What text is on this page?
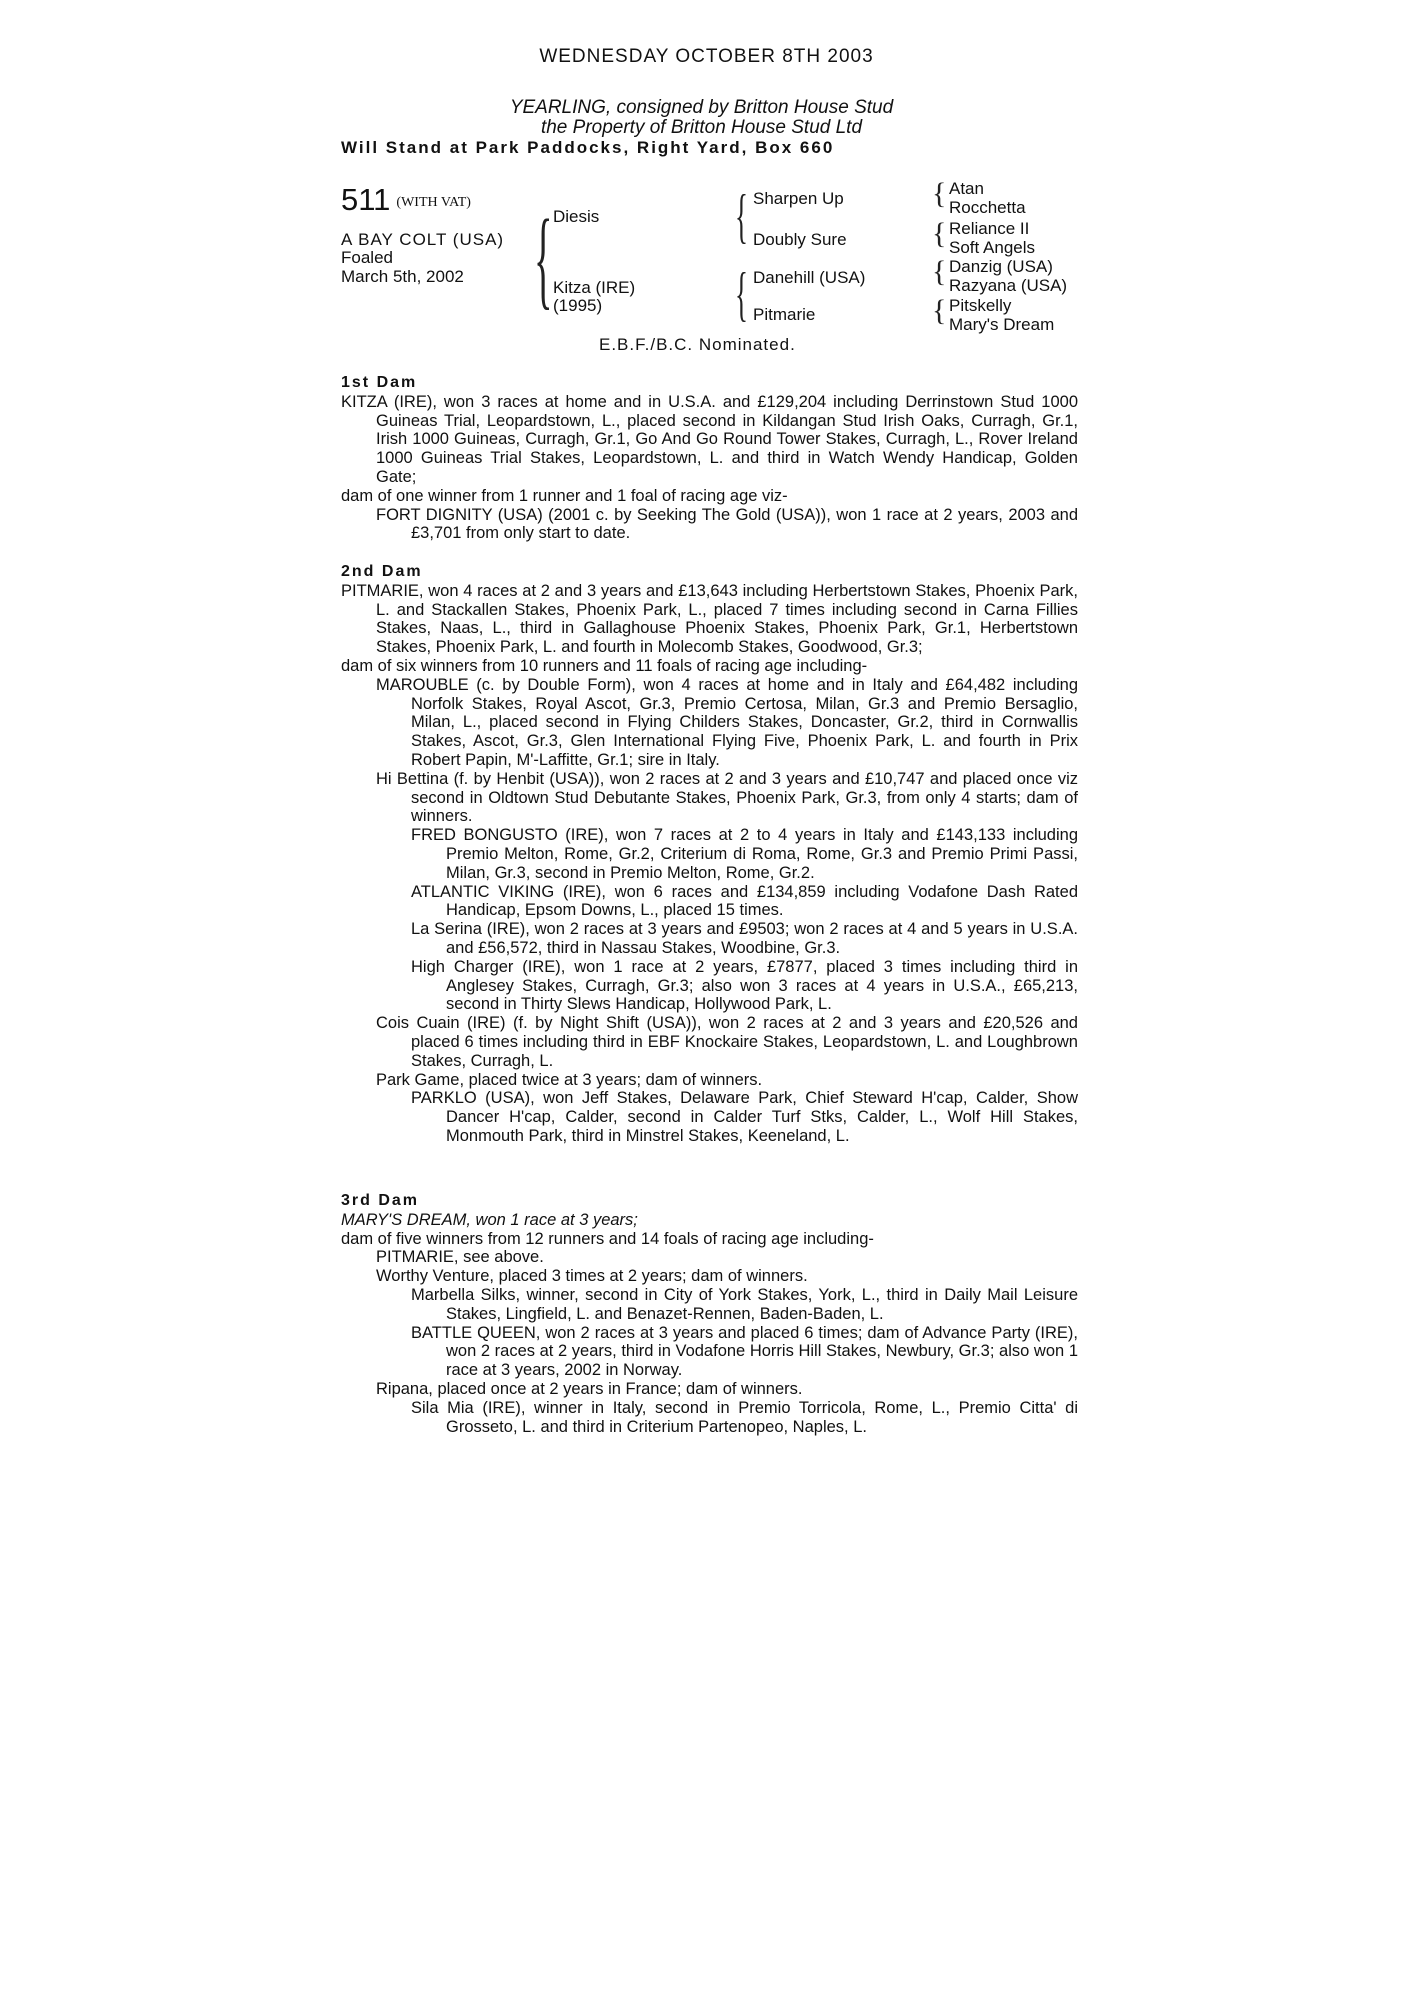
WEDNESDAY OCTOBER 8TH 2003
YEARLING, consigned by Britton House Stud
the Property of Britton House Stud Ltd
Will Stand at Park Paddocks, Right Yard, Box 660
511 (WITH VAT)
A BAY COLT (USA)
Foaled
March 5th, 2002 { Diesis
Kitza (IRE)
(1995)
{ Sharpen Up
Doubly Sure
{ Danehill (USA)
Pitmarie
{ Atan
Rocchetta
{ Reliance II
Soft Angels
{ Danzig (USA)
Razyana (USA)
{ Pitskelly
Mary's Dream
E.B.F./B.C. Nominated.
1st Dam
KITZA (IRE), won 3 races at home and in U.S.A. and £129,204 including Derrinstown Stud 1000 Guineas Trial, Leopardstown, L., placed second in Kildangan Stud Irish Oaks, Curragh, Gr.1, Irish 1000 Guineas, Curragh, Gr.1, Go And Go Round Tower Stakes, Curragh, L., Rover Ireland 1000 Guineas Trial Stakes, Leopardstown, L. and third in Watch Wendy Handicap, Golden Gate;
dam of one winner from 1 runner and 1 foal of racing age viz-
FORT DIGNITY (USA) (2001 c. by Seeking The Gold (USA)), won 1 race at 2 years, 2003 and £3,701 from only start to date.
2nd Dam
PITMARIE, won 4 races at 2 and 3 years and £13,643 including Herbertstown Stakes, Phoenix Park, L. and Stackallen Stakes, Phoenix Park, L., placed 7 times including second in Carna Fillies Stakes, Naas, L., third in Gallaghouse Phoenix Stakes, Phoenix Park, Gr.1, Herbertstown Stakes, Phoenix Park, L. and fourth in Molecomb Stakes, Goodwood, Gr.3;
dam of six winners from 10 runners and 11 foals of racing age including-
MAROUBLE (c. by Double Form), won 4 races at home and in Italy and £64,482 including Norfolk Stakes, Royal Ascot, Gr.3, Premio Certosa, Milan, Gr.3 and Premio Bersaglio, Milan, L., placed second in Flying Childers Stakes, Doncaster, Gr.2, third in Cornwallis Stakes, Ascot, Gr.3, Glen International Flying Five, Phoenix Park, L. and fourth in Prix Robert Papin, M'-Laffitte, Gr.1; sire in Italy.
Hi Bettina (f. by Henbit (USA)), won 2 races at 2 and 3 years and £10,747 and placed once viz second in Oldtown Stud Debutante Stakes, Phoenix Park, Gr.3, from only 4 starts; dam of winners.
FRED BONGUSTO (IRE), won 7 races at 2 to 4 years in Italy and £143,133 including Premio Melton, Rome, Gr.2, Criterium di Roma, Rome, Gr.3 and Premio Primi Passi, Milan, Gr.3, second in Premio Melton, Rome, Gr.2.
ATLANTIC VIKING (IRE), won 6 races and £134,859 including Vodafone Dash Rated Handicap, Epsom Downs, L., placed 15 times.
La Serina (IRE), won 2 races at 3 years and £9503; won 2 races at 4 and 5 years in U.S.A. and £56,572, third in Nassau Stakes, Woodbine, Gr.3.
High Charger (IRE), won 1 race at 2 years, £7877, placed 3 times including third in Anglesey Stakes, Curragh, Gr.3; also won 3 races at 4 years in U.S.A., £65,213, second in Thirty Slews Handicap, Hollywood Park, L.
Cois Cuain (IRE) (f. by Night Shift (USA)), won 2 races at 2 and 3 years and £20,526 and placed 6 times including third in EBF Knockaire Stakes, Leopardstown, L. and Loughbrown Stakes, Curragh, L.
Park Game, placed twice at 3 years; dam of winners.
PARKLO (USA), won Jeff Stakes, Delaware Park, Chief Steward H'cap, Calder, Show Dancer H'cap, Calder, second in Calder Turf Stks, Calder, L., Wolf Hill Stakes, Monmouth Park, third in Minstrel Stakes, Keeneland, L.
3rd Dam
MARY'S DREAM, won 1 race at 3 years;
dam of five winners from 12 runners and 14 foals of racing age including-
PITMARIE, see above.
Worthy Venture, placed 3 times at 2 years; dam of winners.
Marbella Silks, winner, second in City of York Stakes, York, L., third in Daily Mail Leisure Stakes, Lingfield, L. and Benazet-Rennen, Baden-Baden, L.
BATTLE QUEEN, won 2 races at 3 years and placed 6 times; dam of Advance Party (IRE), won 2 races at 2 years, third in Vodafone Horris Hill Stakes, Newbury, Gr.3; also won 1 race at 3 years, 2002 in Norway.
Ripana, placed once at 2 years in France; dam of winners.
Sila Mia (IRE), winner in Italy, second in Premio Torricola, Rome, L., Premio Citta' di Grosseto, L. and third in Criterium Partenopeo, Naples, L.
